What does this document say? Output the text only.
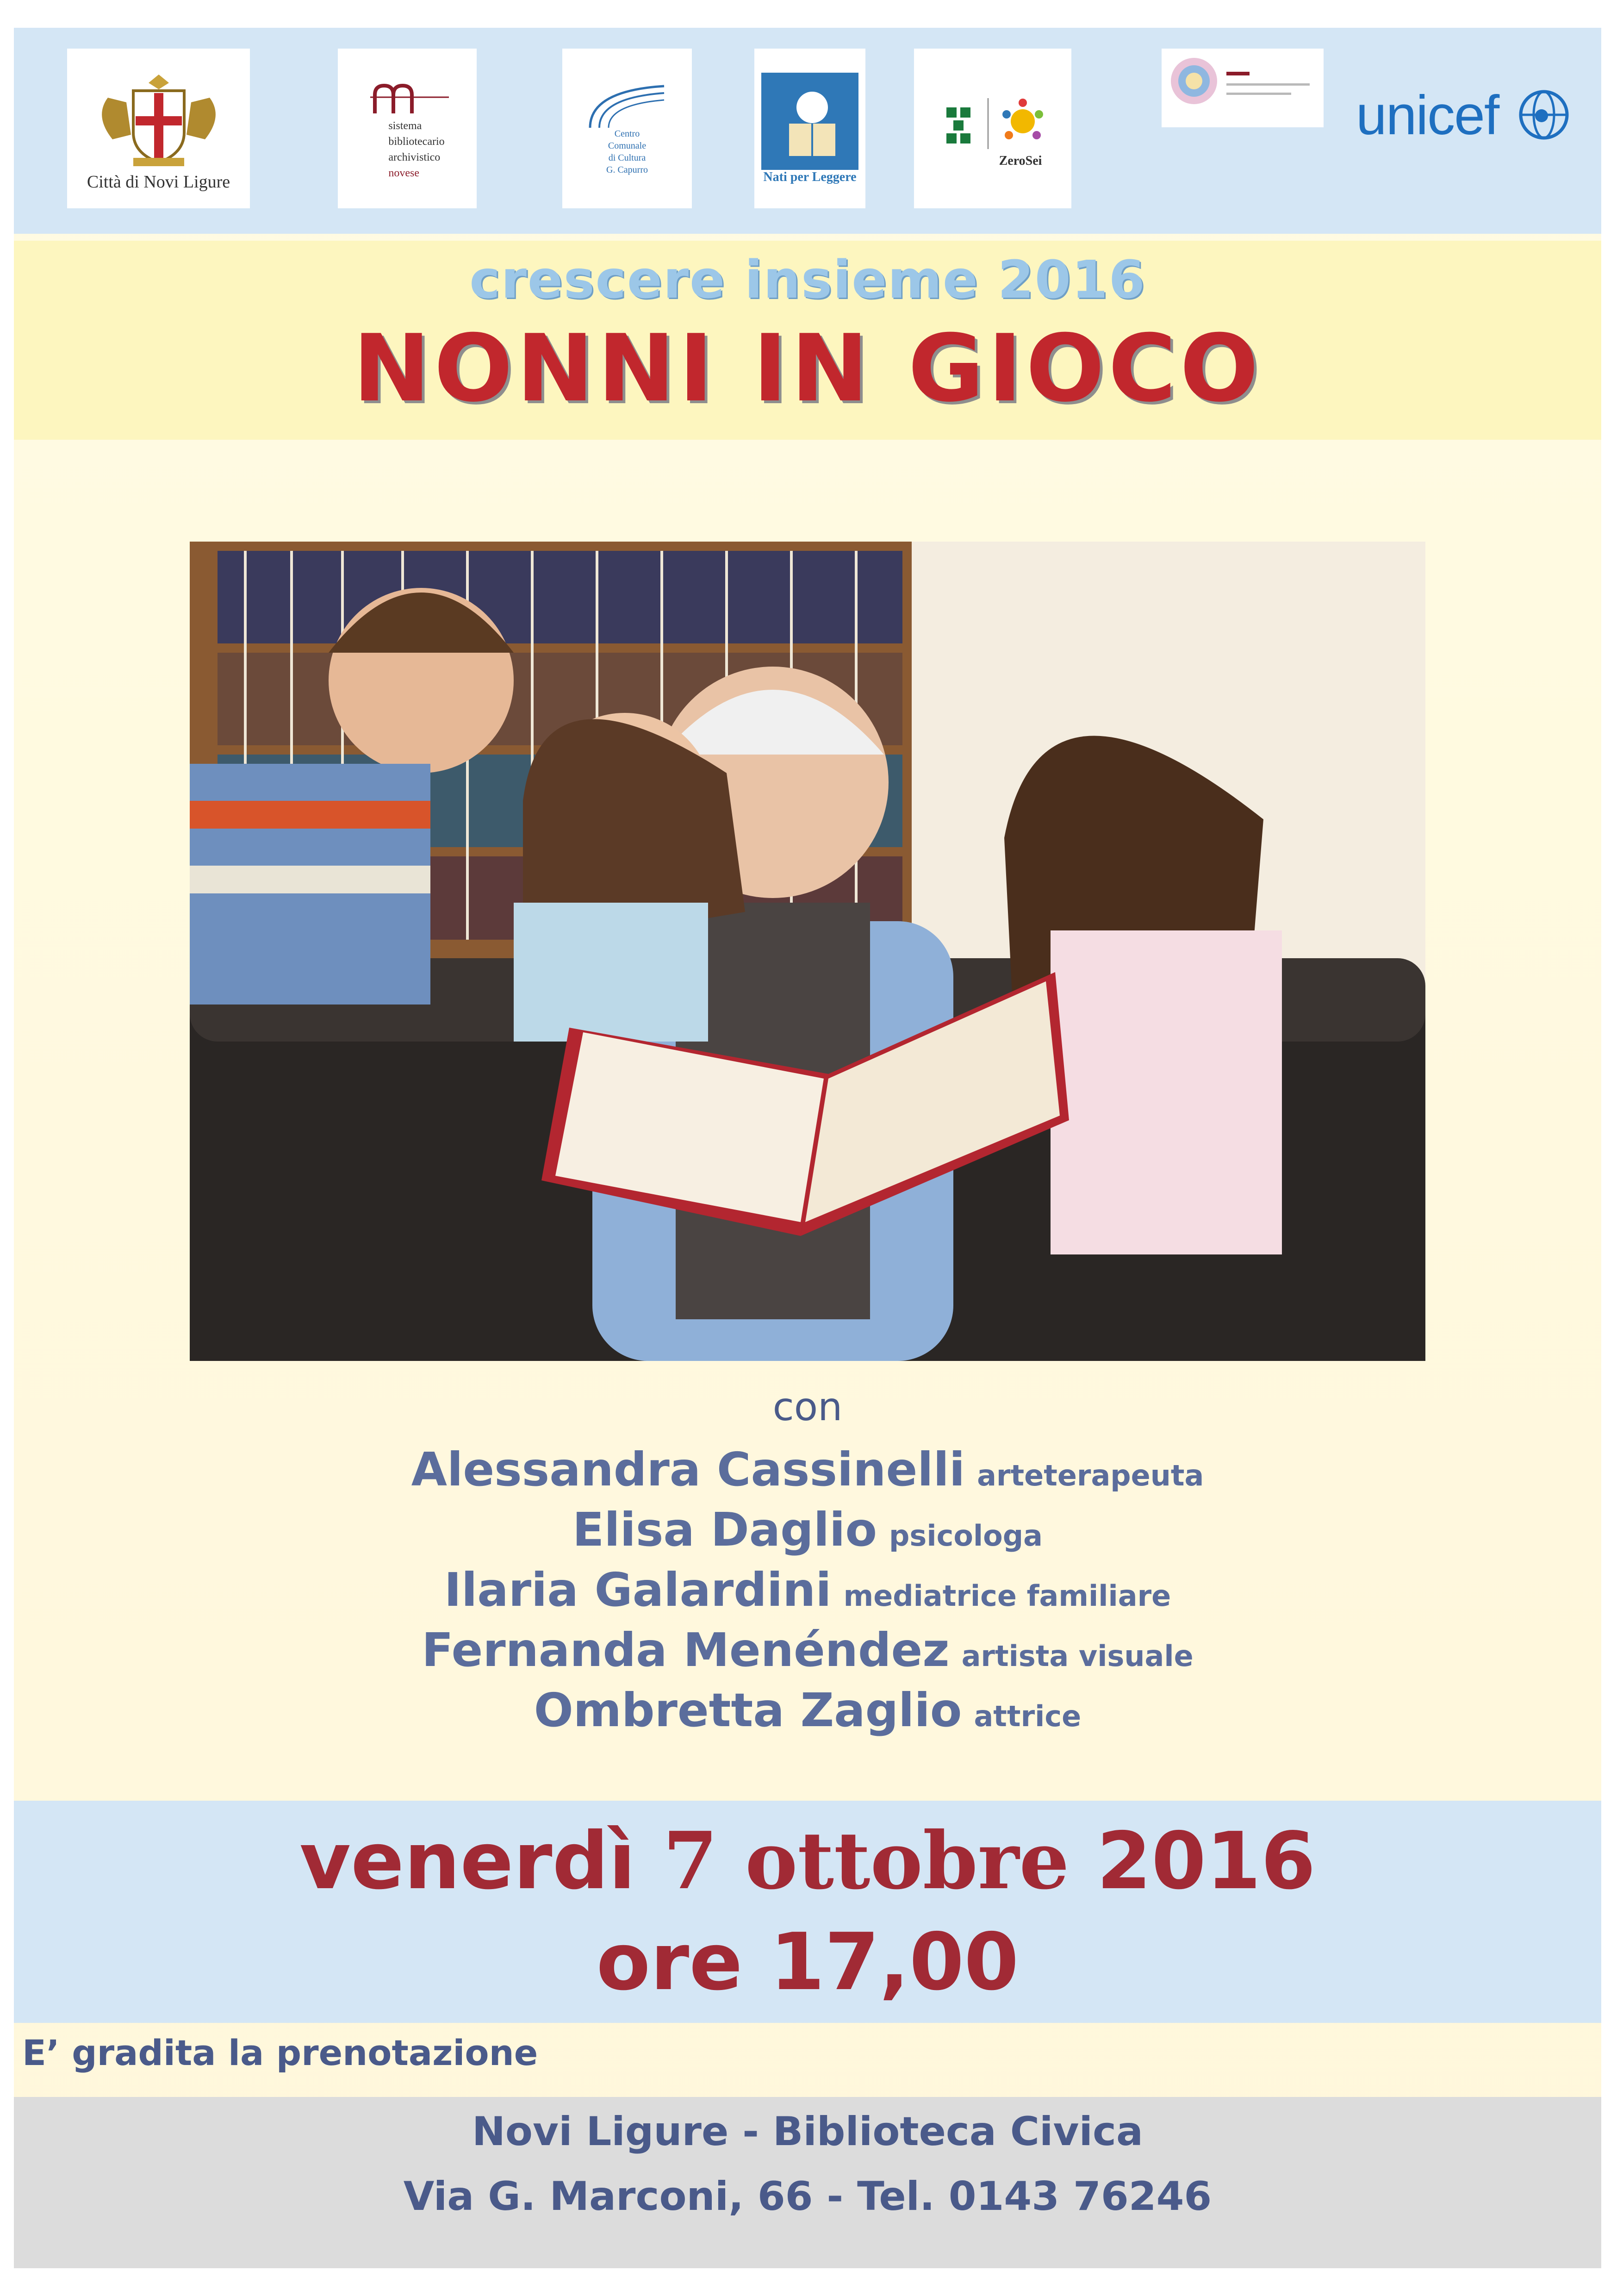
Città di Novi Ligure
sistema
bibliotecario
archivistico
novese
Centro
Comunale
di Cultura
G. Capurro	Nati per Leggere
ZeroSei
unicef
crescere insieme 2016
NONNI IN GIOCO
con
Alessandra Cassinelli arteterapeuta
Elisa Daglio psicologa
Ilaria Galardini mediatrice familiare
Fernanda Menéndez artista visuale
Ombretta Zaglio attrice
venerdì 7 ottobre 2016
ore 17,00
E’ gradita la prenotazione
Novi Ligure - Biblioteca Civica
Via G. Marconi, 66 - Tel. 0143 76246
